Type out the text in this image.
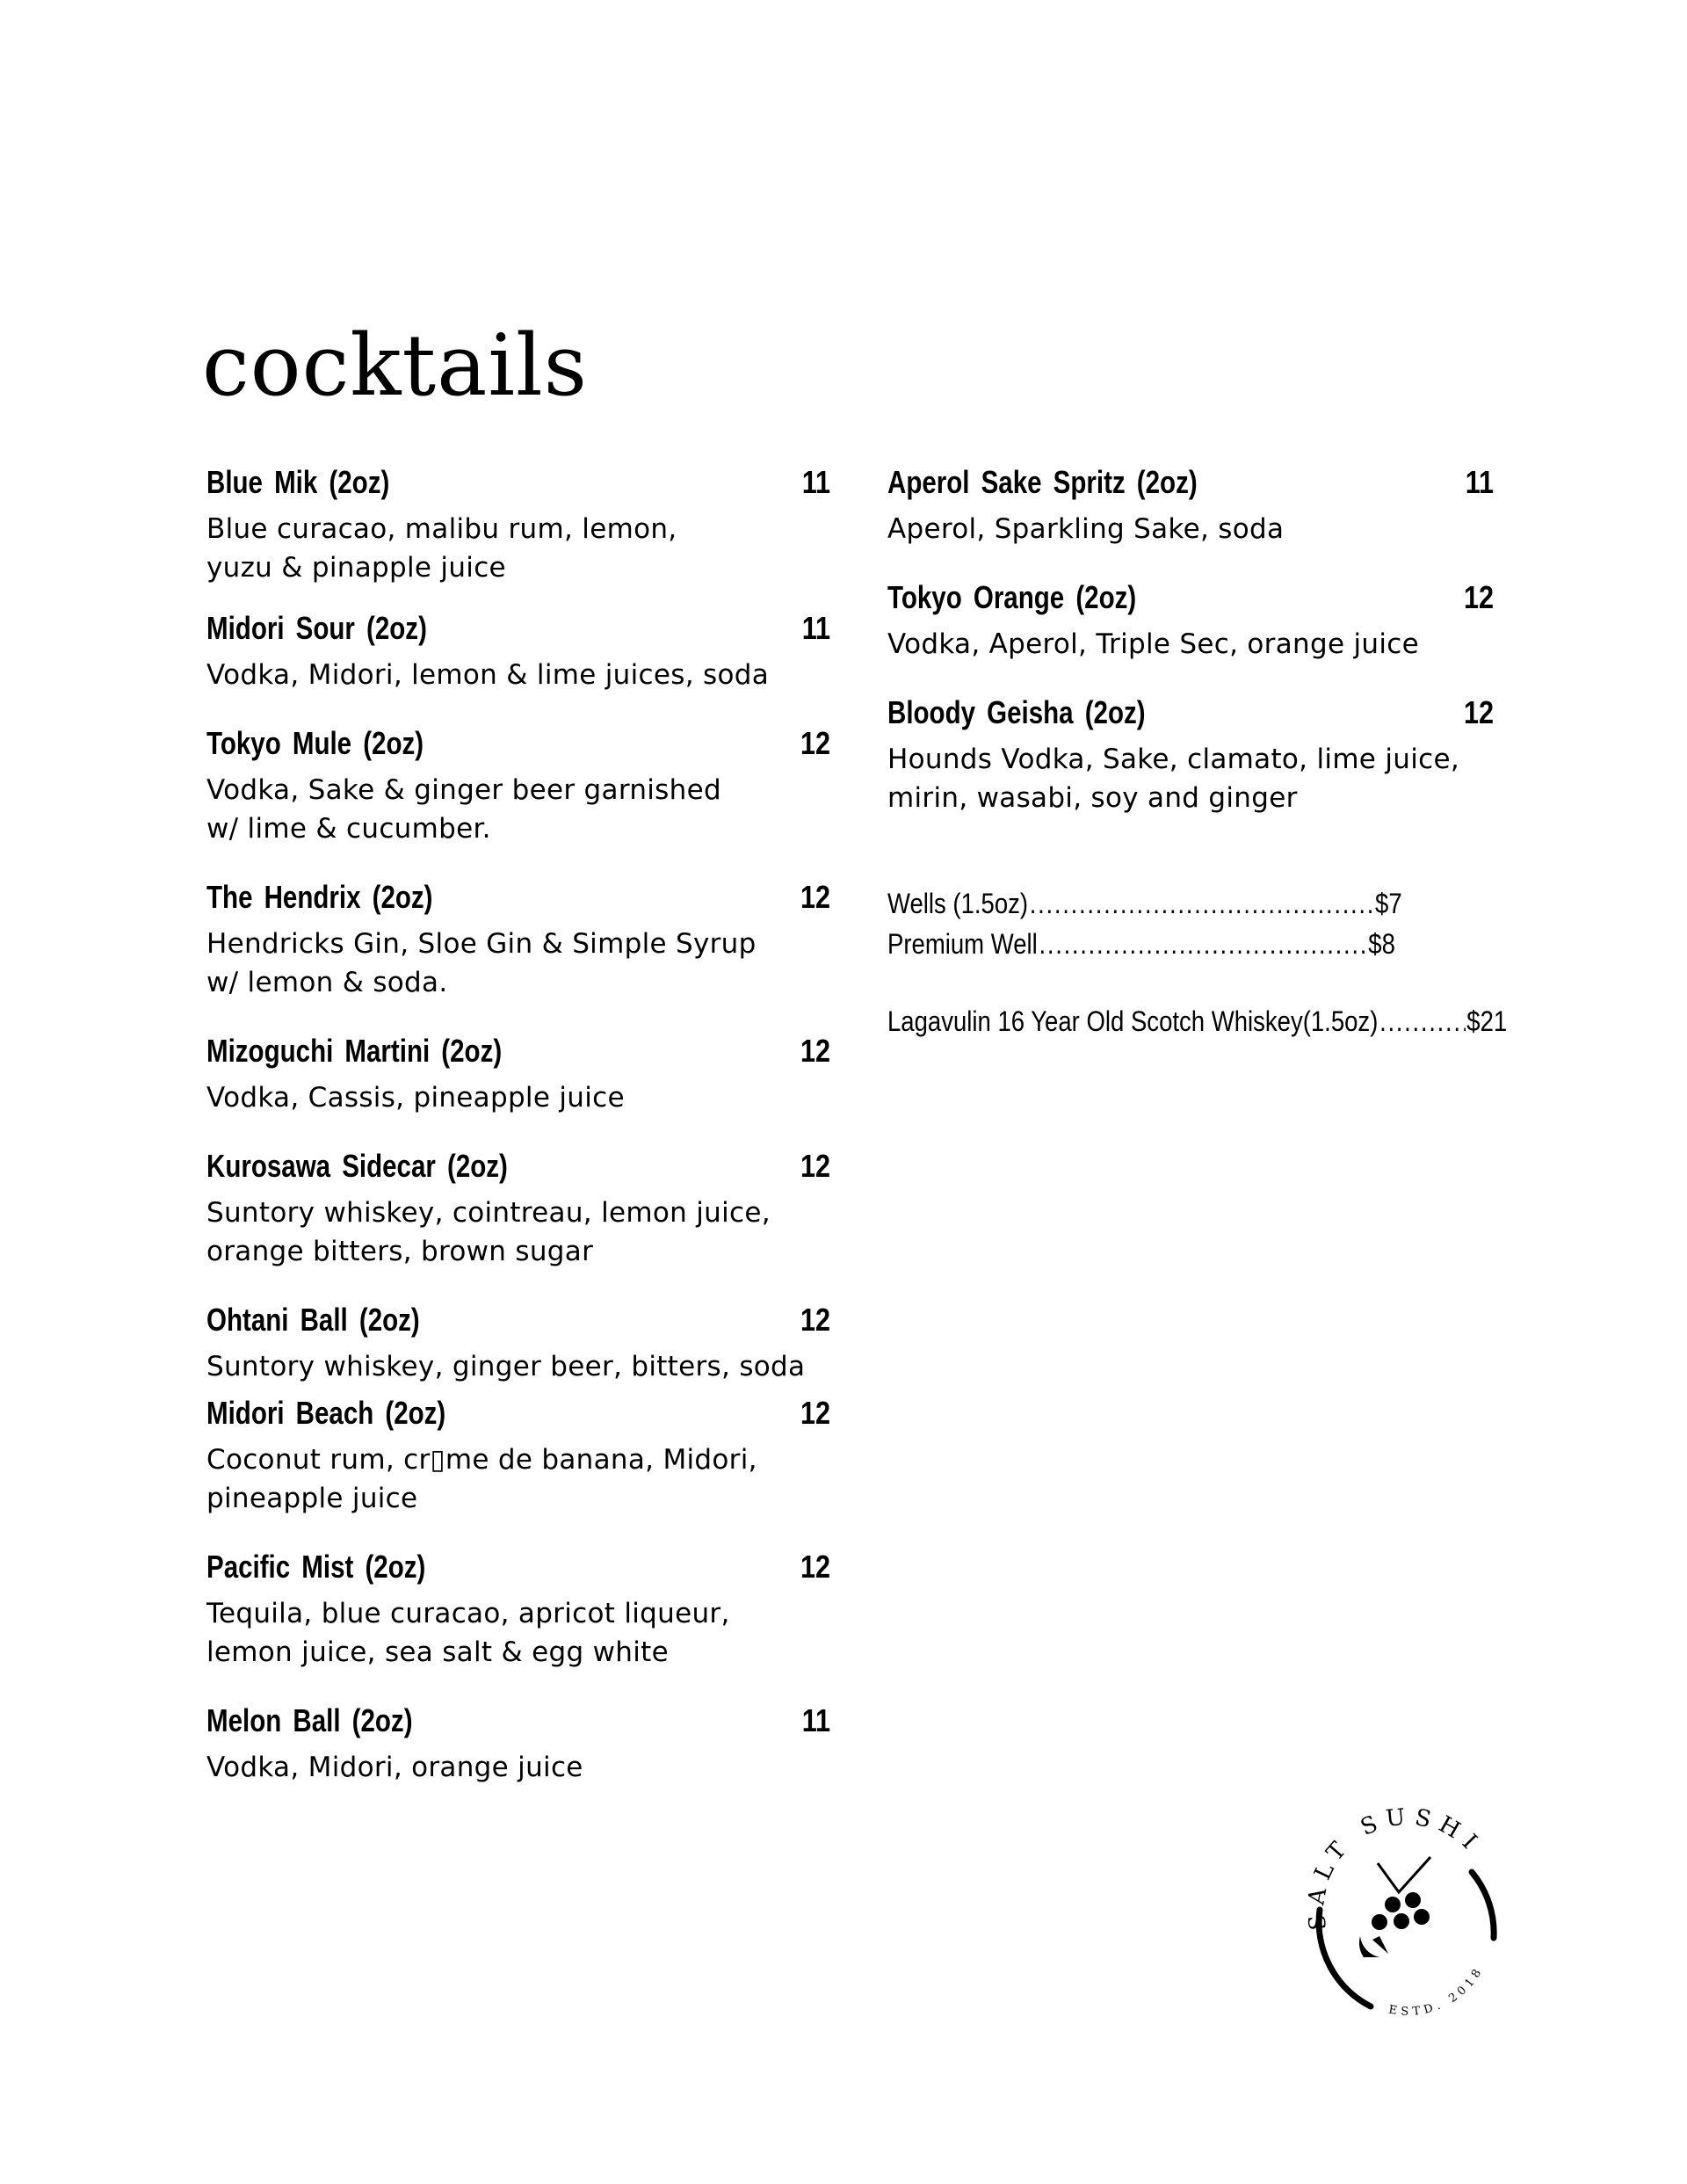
cocktails
Blue Mik (2oz)	11

Blue curacao, malibu rum, lemon,
yuzu & pinapple juice

Midori Sour (2oz)	11

Vodka, Midori, lemon & lime juices, soda

Tokyo Mule (2oz)	12

Vodka, Sake & ginger beer garnished
w/ lime & cucumber.

The Hendrix (2oz)	12

Hendricks Gin, Sloe Gin & Simple Syrup
w/ lemon & soda.

Mizoguchi Martini (2oz)	12

Vodka, Cassis, pineapple juice

Kurosawa Sidecar (2oz)	12

Suntory whiskey, cointreau, lemon juice,
orange bitters, brown sugar

Ohtani Ball (2oz)	12

Suntory whiskey, ginger beer, bitters, soda

Midori Beach (2oz)	12

Coconut rum, cr▯me de banana, Midori,
pineapple juice

Pacific Mist (2oz)	12

Tequila, blue curacao, apricot liqueur,
lemon juice, sea salt & egg white

Melon Ball (2oz)	11

Vodka, Midori, orange juice

Aperol Sake Spritz (2oz)	11

Aperol, Sparkling Sake, soda

Tokyo Orange (2oz)	12

Vodka, Aperol, Triple Sec, orange juice

Bloody Geisha (2oz)	12

Hounds Vodka, Sake, clamato, lime juice,
mirin, wasabi, soy and ginger

Wells (1.5oz) .....	$7
Premium Well .....	$8
Lagavulin 16 Year Old Scotch Whiskey(1.5oz) .....	$21
SALT SUSHI
ESTD. 2018
